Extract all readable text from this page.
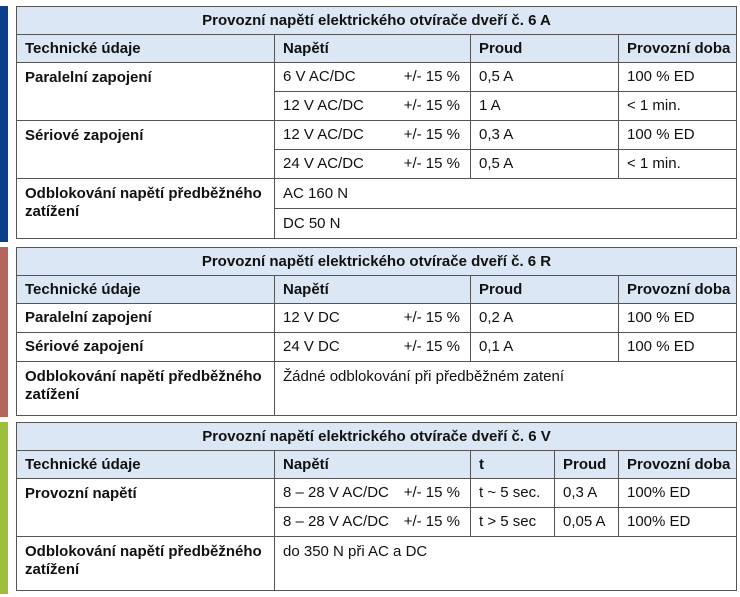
Provozní napětí elektrického otvírače dveří č. 6 A			
Technické údaje	Napětí	Proud	Provozní doba
Paralelní zapojení	6 V AC/DC +/- 15 %	0,5 A	100 % ED
	12 V AC/DC +/- 15 %	1 A	< 1 min.
Sériové zapojení	12 V AC/DC +/- 15 %	0,3 A	100 % ED
	24 V AC/DC +/- 15 %	0,5 A	< 1 min.
Odblokování napětí předběžného zatížení	AC 160 N		
	DC 50 N		
Provozní napětí elektrického otvírače dveří č. 6 R			
Technické údaje	Napětí	Proud	Provozní doba
Paralelní zapojení	12 V DC +/- 15 %	0,2 A	100 % ED
Sériové zapojení	24 V DC +/- 15 %	0,1 A	100 % ED
Odblokování napětí předběžného zatížení	Žádné odblokování při předběžném zatení		
Provozní napětí elektrického otvírače dveří č. 6 V				
Technické údaje	Napětí	t	Proud	Provozní doba
Provozní napětí	8 – 28 V AC/DC +/- 15 %	t ~ 5 sec.	0,3 A	100% ED
	8 – 28 V AC/DC +/- 15 %	t > 5 sec	0,05 A	100% ED
Odblokování napětí předběžného zatížení	do 350 N při AC a DC			
